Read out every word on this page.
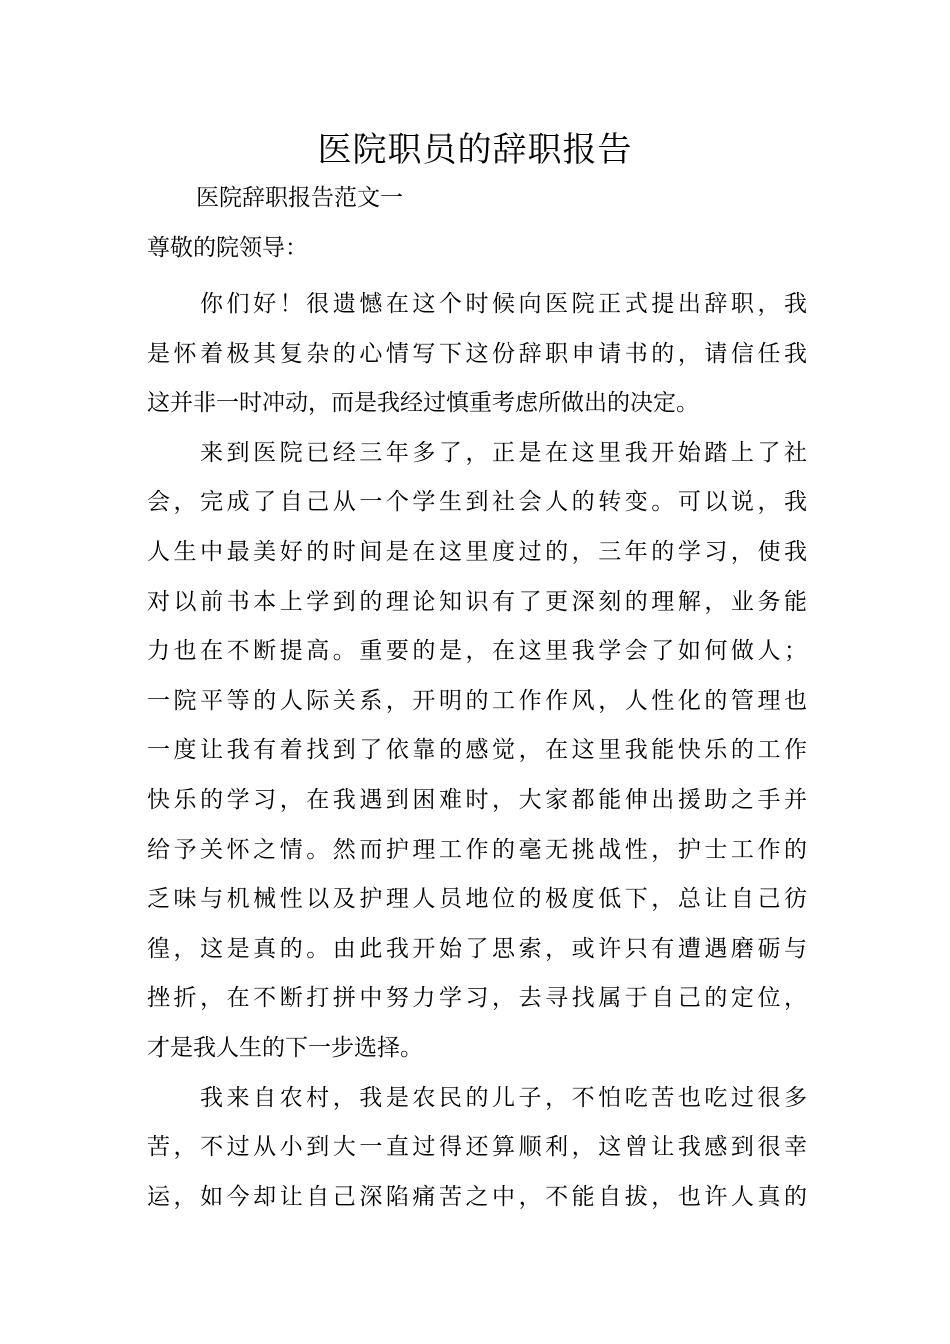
医院职员的辞职报告
医院辞职报告范文一
尊敬的院领导：
你们好！很遗憾在这个时候向医院正式提出辞职，我
是怀着极其复杂的心情写下这份辞职申请书的，请信任我
这并非一时冲动，而是我经过慎重考虑所做出的决定。
来到医院已经三年多了，正是在这里我开始踏上了社
会，完成了自己从一个学生到社会人的转变。可以说，我
人生中最美好的时间是在这里度过的，三年的学习，使我
对以前书本上学到的理论知识有了更深刻的理解，业务能
力也在不断提高。重要的是，在这里我学会了如何做人；
一院平等的人际关系，开明的工作作风，人性化的管理也
一度让我有着找到了依靠的感觉，在这里我能快乐的工作
快乐的学习，在我遇到困难时，大家都能伸出援助之手并
给予关怀之情。然而护理工作的毫无挑战性，护士工作的
乏味与机械性以及护理人员地位的极度低下，总让自己彷
徨，这是真的。由此我开始了思索，或许只有遭遇磨砺与
挫折，在不断打拼中努力学习，去寻找属于自己的定位，
才是我人生的下一步选择。
我来自农村，我是农民的儿子，不怕吃苦也吃过很多
苦，不过从小到大一直过得还算顺利，这曾让我感到很幸
运，如今却让自己深陷痛苦之中，不能自拔，也许人真的
